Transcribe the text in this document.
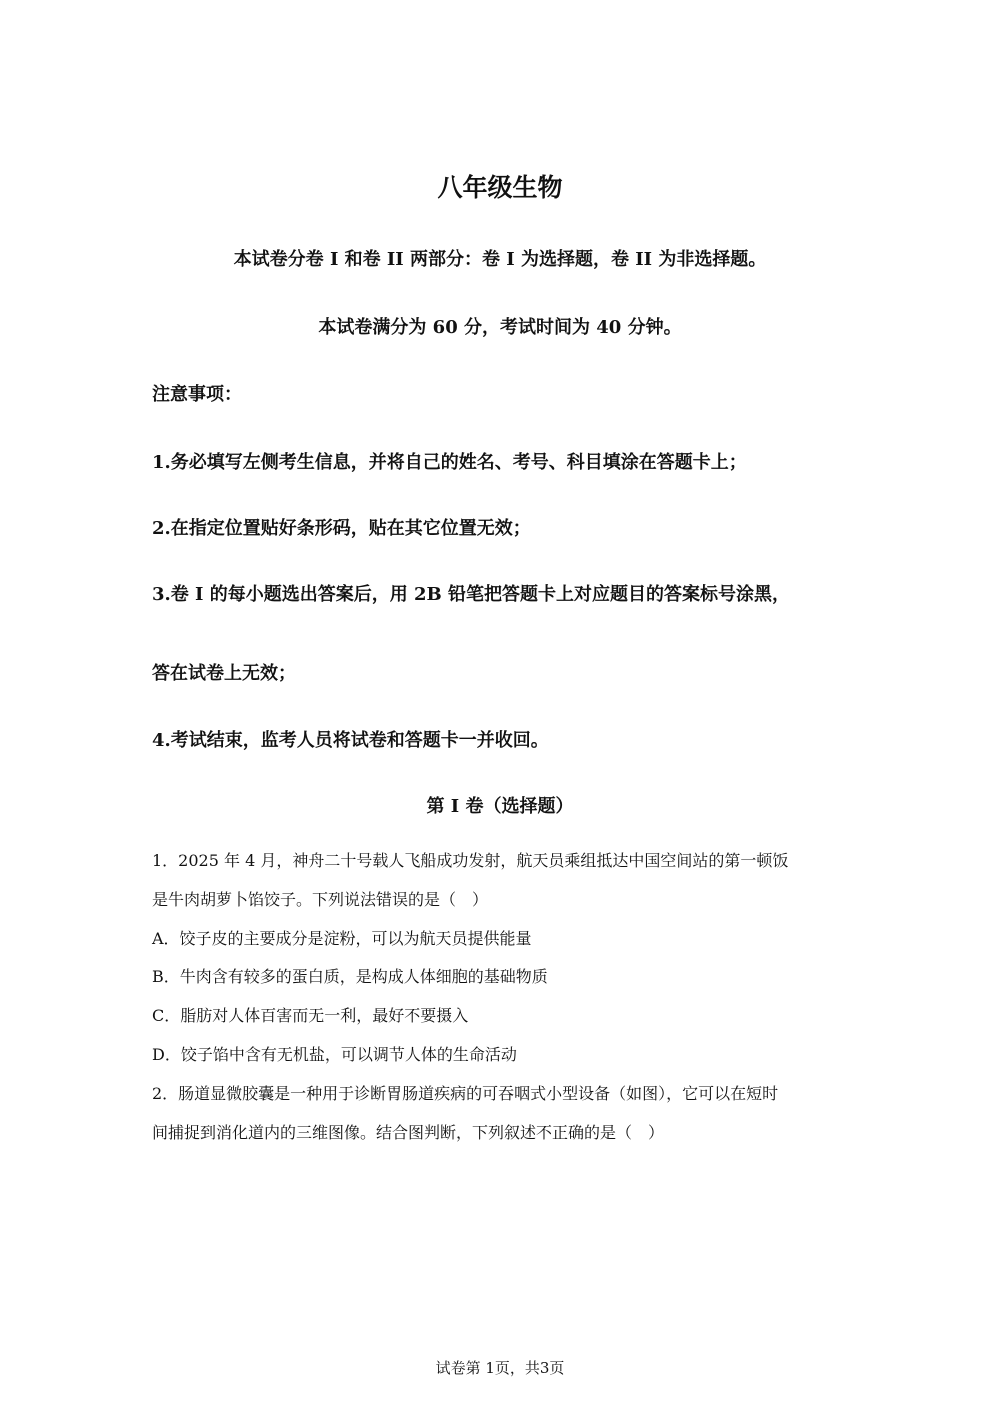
八年级生物
本试卷分卷 I 和卷 II 两部分：卷 I 为选择题，卷 II 为非选择题。
本试卷满分为 60 分，考试时间为 40 分钟。
注意事项：
1.务必填写左侧考生信息，并将自己的姓名、考号、科目填涂在答题卡上；
2.在指定位置贴好条形码，贴在其它位置无效；
3.卷 I 的每小题选出答案后，用 2B 铅笔把答题卡上对应题目的答案标号涂黑，
答在试卷上无效；
4.考试结束，监考人员将试卷和答题卡一并收回。
第 I 卷（选择题）
1．2025 年 4 月，神舟二十号载人飞船成功发射，航天员乘组抵达中国空间站的第一顿饭
是牛肉胡萝卜馅饺子。下列说法错误的是（　）
A．饺子皮的主要成分是淀粉，可以为航天员提供能量
B．牛肉含有较多的蛋白质，是构成人体细胞的基础物质
C．脂肪对人体百害而无一利，最好不要摄入
D．饺子馅中含有无机盐，可以调节人体的生命活动
2．肠道显微胶囊是一种用于诊断胃肠道疾病的可吞咽式小型设备（如图），它可以在短时
间捕捉到消化道内的三维图像。结合图判断，下列叙述不正确的是（　）
试卷第 1页，共3页
